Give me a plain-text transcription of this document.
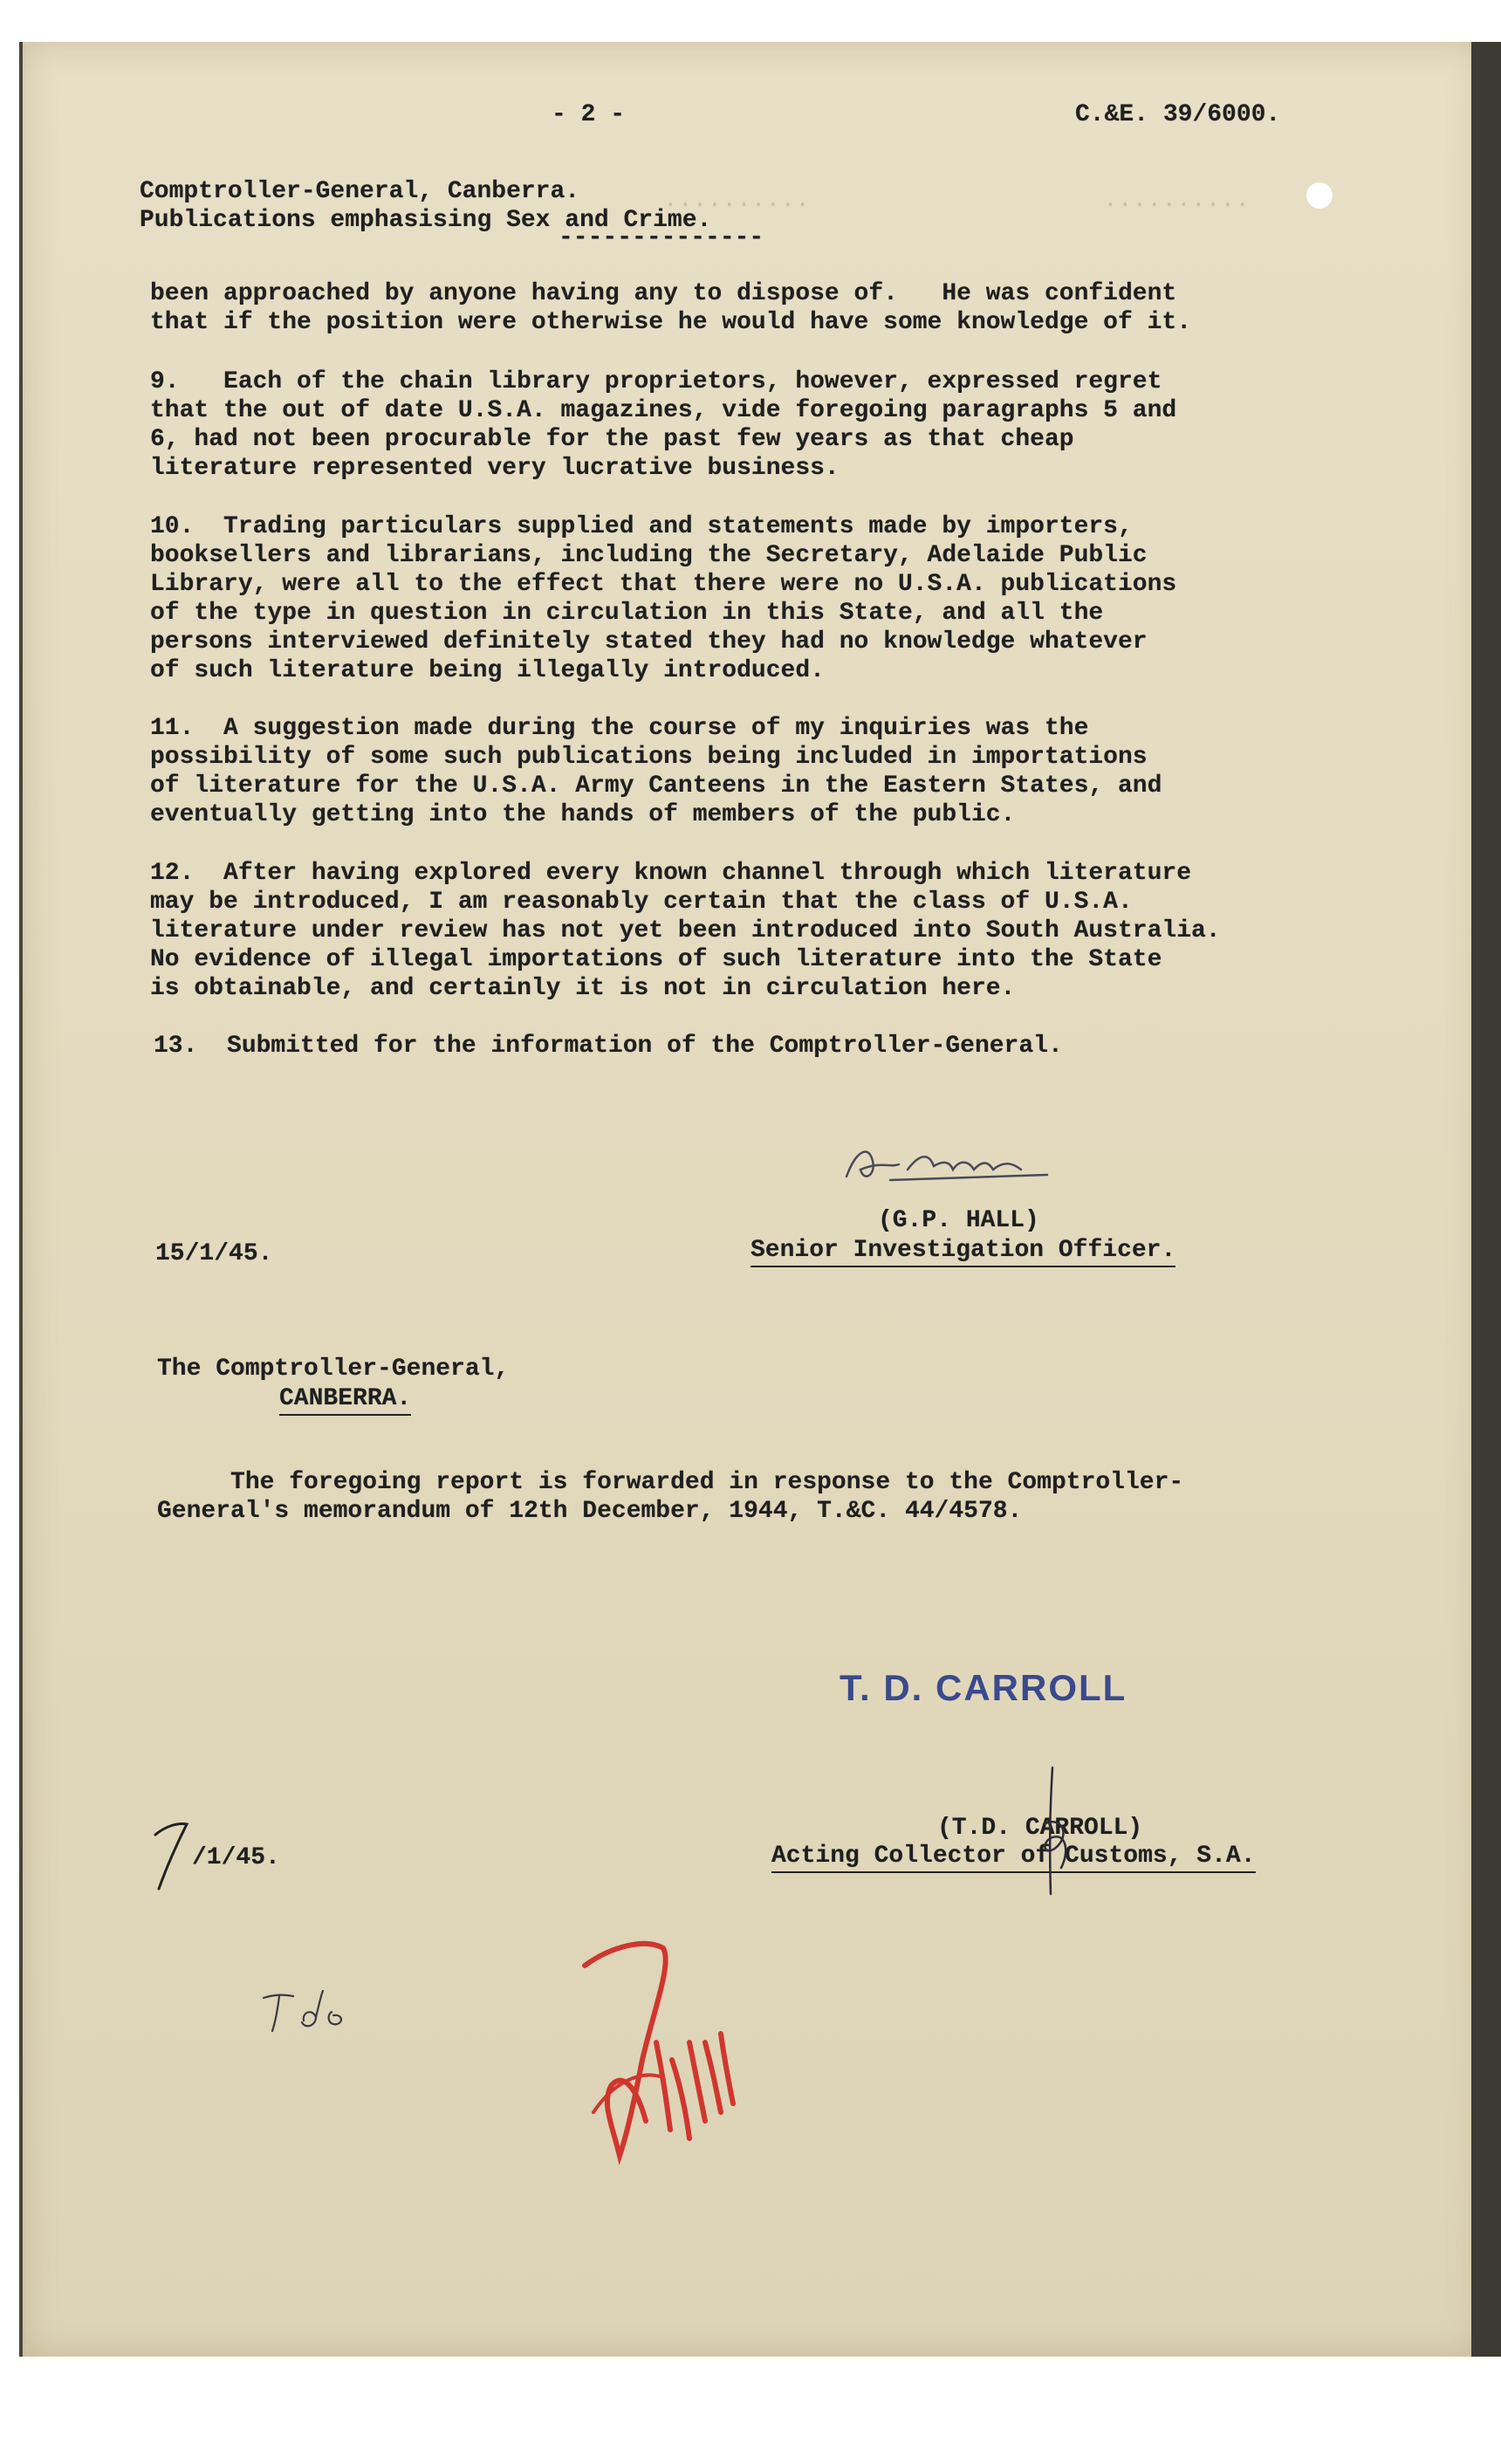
..........                    ..........

- 2 -	C.&E. 39/6000.
Comptroller-General, Canberra.
Publications emphasising Sex and Crime.
--------------
been approached by anyone having any to dispose of.   He was confident
that if the position were otherwise he would have some knowledge of it.
9.   Each of the chain library proprietors, however, expressed regret
that the out of date U.S.A. magazines, vide foregoing paragraphs 5 and
6, had not been procurable for the past few years as that cheap
literature represented very lucrative business.
10.  Trading particulars supplied and statements made by importers,
booksellers and librarians, including the Secretary, Adelaide Public
Library, were all to the effect that there were no U.S.A. publications
of the type in question in circulation in this State, and all the
persons interviewed definitely stated they had no knowledge whatever
of such literature being illegally introduced.
11.  A suggestion made during the course of my inquiries was the
possibility of some such publications being included in importations
of literature for the U.S.A. Army Canteens in the Eastern States, and
eventually getting into the hands of members of the public.
12.  After having explored every known channel through which literature
may be introduced, I am reasonably certain that the class of U.S.A.
literature under review has not yet been introduced into South Australia.
No evidence of illegal importations of such literature into the State
is obtainable, and certainly it is not in circulation here.
13.  Submitted for the information of the Comptroller-General.
(G.P. HALL)
15/1/45.	Senior Investigation Officer.
The Comptroller-General,
CANBERRA.
The foregoing report is forwarded in response to the Comptroller-
General's memorandum of 12th December, 1944, T.&C. 44/4578.
T. D. CARROLL
(T.D. CARROLL)
Acting Collector of Customs, S.A.
/1/45.
